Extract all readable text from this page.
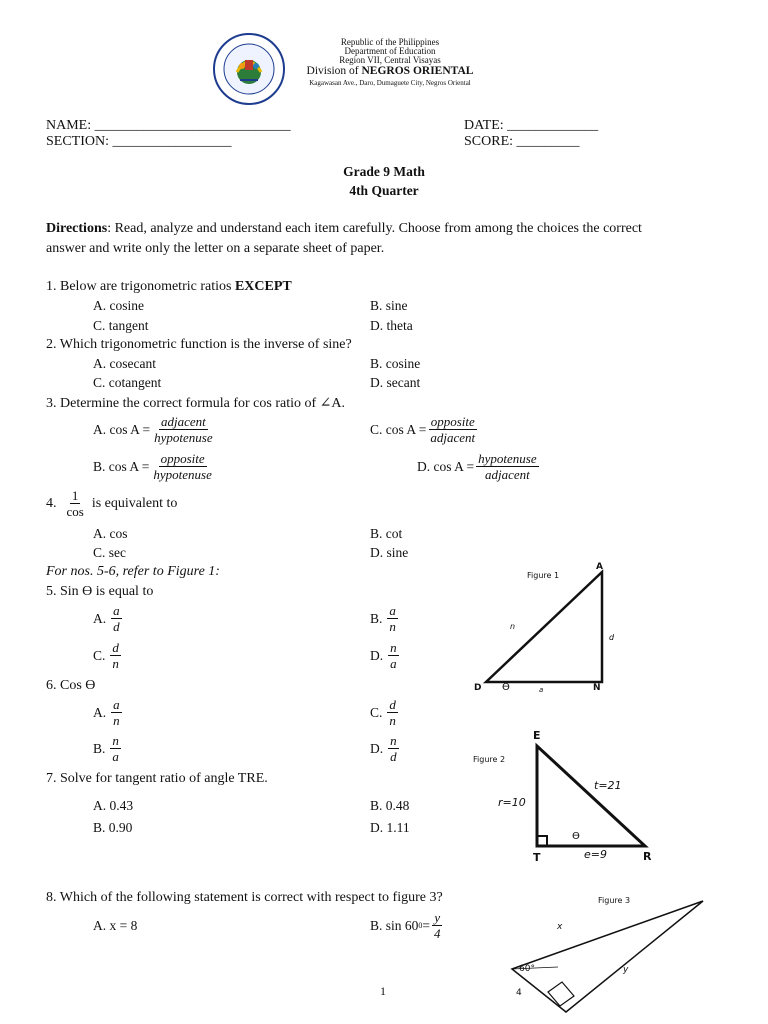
Republic of the Philippines
Department of Education
Region VII, Central Visayas
Division of NEGROS ORIENTAL
Kagawasan Ave., Daro, Dumaguete City, Negros Oriental
NAME: ____________________________	DATE: _____________
SECTION: _________________	SCORE: _________
Grade 9 Math
4th Quarter
Directions: Read, analyze and understand each item carefully. Choose from among the choices the correct
answer and write only the letter on a separate sheet of paper.
1. Below are trigonometric ratios EXCEPT
A. cosine	B. sine
C. tangent	D. theta
2. Which trigonometric function is the inverse of sine?
A. cosecant	B. cosine
C. cotangent	D. secant
3. Determine the correct formula for cos ratio of ∠A.
A. $\cos A = \frac{\text{adjacent}}{\text{hypotenuse}}$	C. $\cos A = \frac{\text{opposite}}{\text{adjacent}}$
B. $\cos A = \frac{\text{opposite}}{\text{hypotenuse}}$	D. $\cos A = \frac{\text{hypotenuse}}{\text{adjacent}}$
4. $\frac{1}{\cos}$ is equivalent to
A. cos	B. cot
C. sec	D. sine
For nos. 5-6, refer to Figure 1:
5. Sin Ө is equal to
A. $\frac{a}{d}$	B. $\frac{a}{n}$
C. $\frac{d}{n}$	D. $\frac{n}{a}$
6. Cos Ө
A. $\frac{a}{n}$	C. $\frac{d}{n}$
B. $\frac{n}{a}$	D. $\frac{n}{d}$
7. Solve for tangent ratio of angle TRE.
A. 0.43	B. 0.48
B. 0.90	D. 1.11
8. Which of the following statement is correct with respect to figure 3?
A. x = 8	B. sin 60 $0 = \frac{y}{4}$
Figure 1
A
D	N
n
d
a
Ө
Figure 2
E
T	R
r=10
t=21
e=9
Ө
Figure 3
x
y
4
60°
1
